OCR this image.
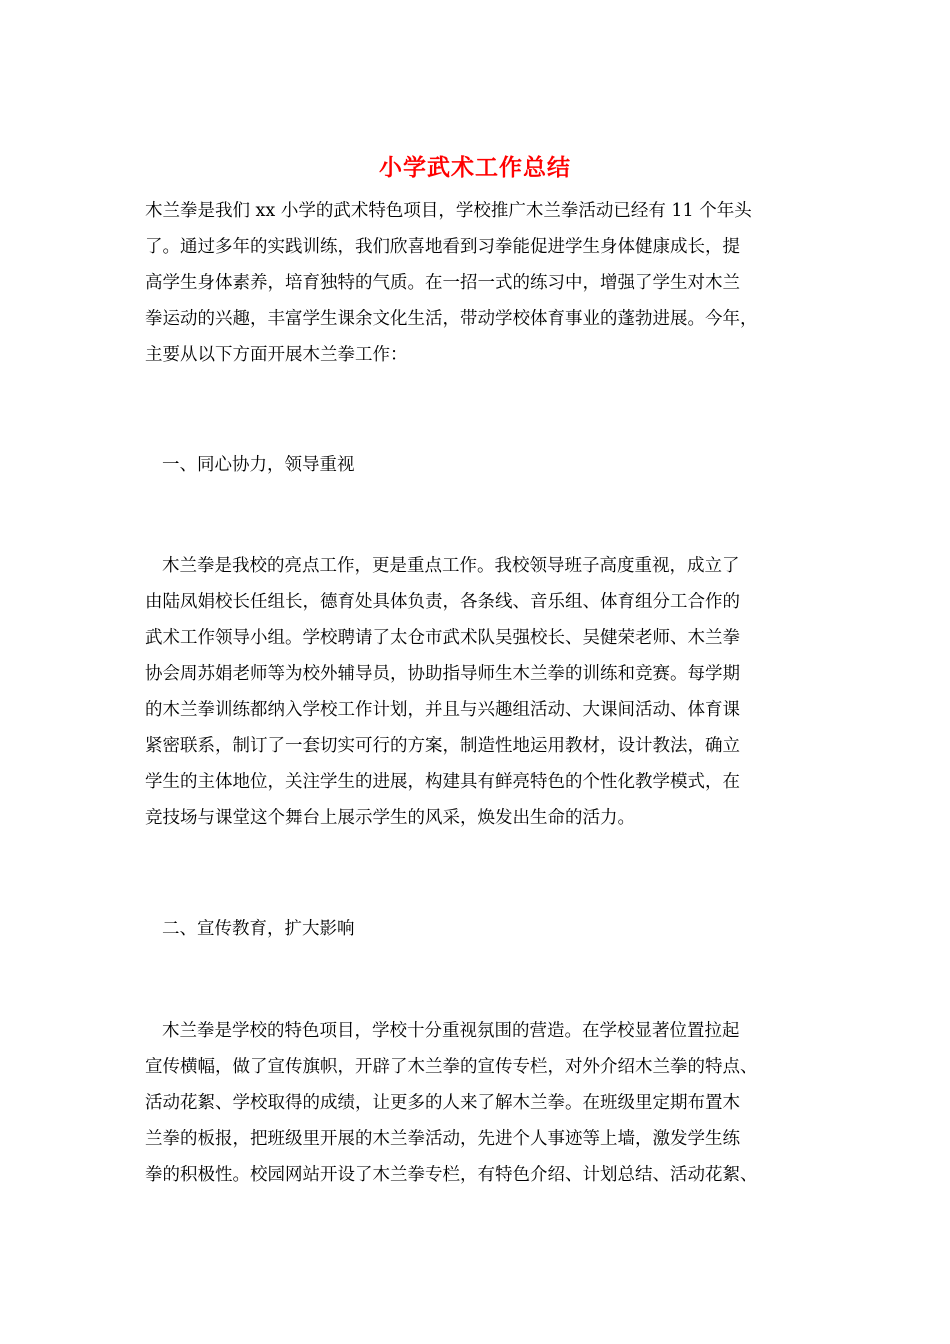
小学武术工作总结
木兰拳是我们 xx 小学的武术特色项目，学校推广木兰拳活动已经有 11 个年头
了。通过多年的实践训练，我们欣喜地看到习拳能促进学生身体健康成长，提
高学生身体素养，培育独特的气质。在一招一式的练习中，增强了学生对木兰
拳运动的兴趣，丰富学生课余文化生活，带动学校体育事业的蓬勃进展。今年，
主要从以下方面开展木兰拳工作：
一、同心协力，领导重视
木兰拳是我校的亮点工作，更是重点工作。我校领导班子高度重视，成立了
由陆凤娟校长任组长，德育处具体负责，各条线、音乐组、体育组分工合作的
武术工作领导小组。学校聘请了太仓市武术队吴强校长、吴健荣老师、木兰拳
协会周苏娟老师等为校外辅导员，协助指导师生木兰拳的训练和竞赛。每学期
的木兰拳训练都纳入学校工作计划，并且与兴趣组活动、大课间活动、体育课
紧密联系，制订了一套切实可行的方案，制造性地运用教材，设计教法，确立
学生的主体地位，关注学生的进展，构建具有鲜亮特色的个性化教学模式，在
竞技场与课堂这个舞台上展示学生的风采，焕发出生命的活力。
二、宣传教育，扩大影响
木兰拳是学校的特色项目，学校十分重视氛围的营造。在学校显著位置拉起
宣传横幅，做了宣传旗帜，开辟了木兰拳的宣传专栏，对外介绍木兰拳的特点、
活动花絮、学校取得的成绩，让更多的人来了解木兰拳。在班级里定期布置木
兰拳的板报，把班级里开展的木兰拳活动，先进个人事迹等上墙，激发学生练
拳的积极性。校园网站开设了木兰拳专栏，有特色介绍、计划总结、活动花絮、
